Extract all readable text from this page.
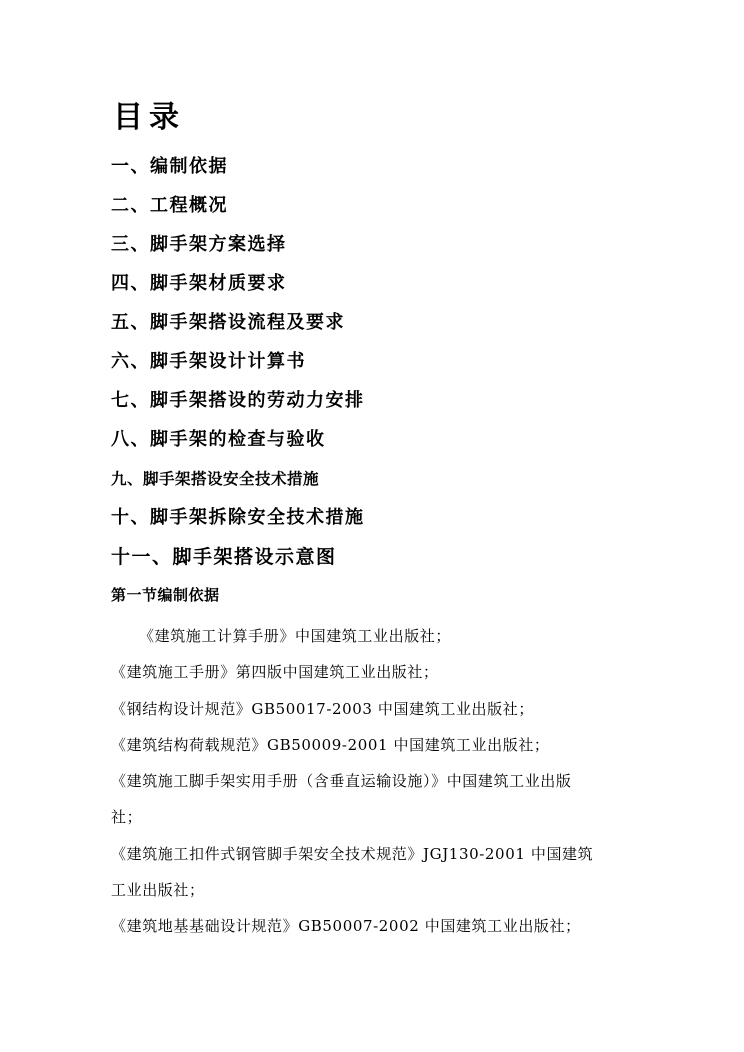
目录
一、编制依据
二、工程概况
三、脚手架方案选择
四、脚手架材质要求
五、脚手架搭设流程及要求
六、脚手架设计计算书
七、脚手架搭设的劳动力安排
八、脚手架的检查与验收
九、脚手架搭设安全技术措施
十、脚手架拆除安全技术措施
十一、脚手架搭设示意图
第一节编制依据
《建筑施工计算手册》中国建筑工业出版社；
《建筑施工手册》第四版中国建筑工业出版社；
《钢结构设计规范》GB50017-2003 中国建筑工业出版社；
《建筑结构荷载规范》GB50009-2001 中国建筑工业出版社；
《建筑施工脚手架实用手册（含垂直运输设施）》中国建筑工业出版
社；
《建筑施工扣件式钢管脚手架安全技术规范》JGJ130-2001 中国建筑
工业出版社；
《建筑地基基础设计规范》GB50007-2002 中国建筑工业出版社；
